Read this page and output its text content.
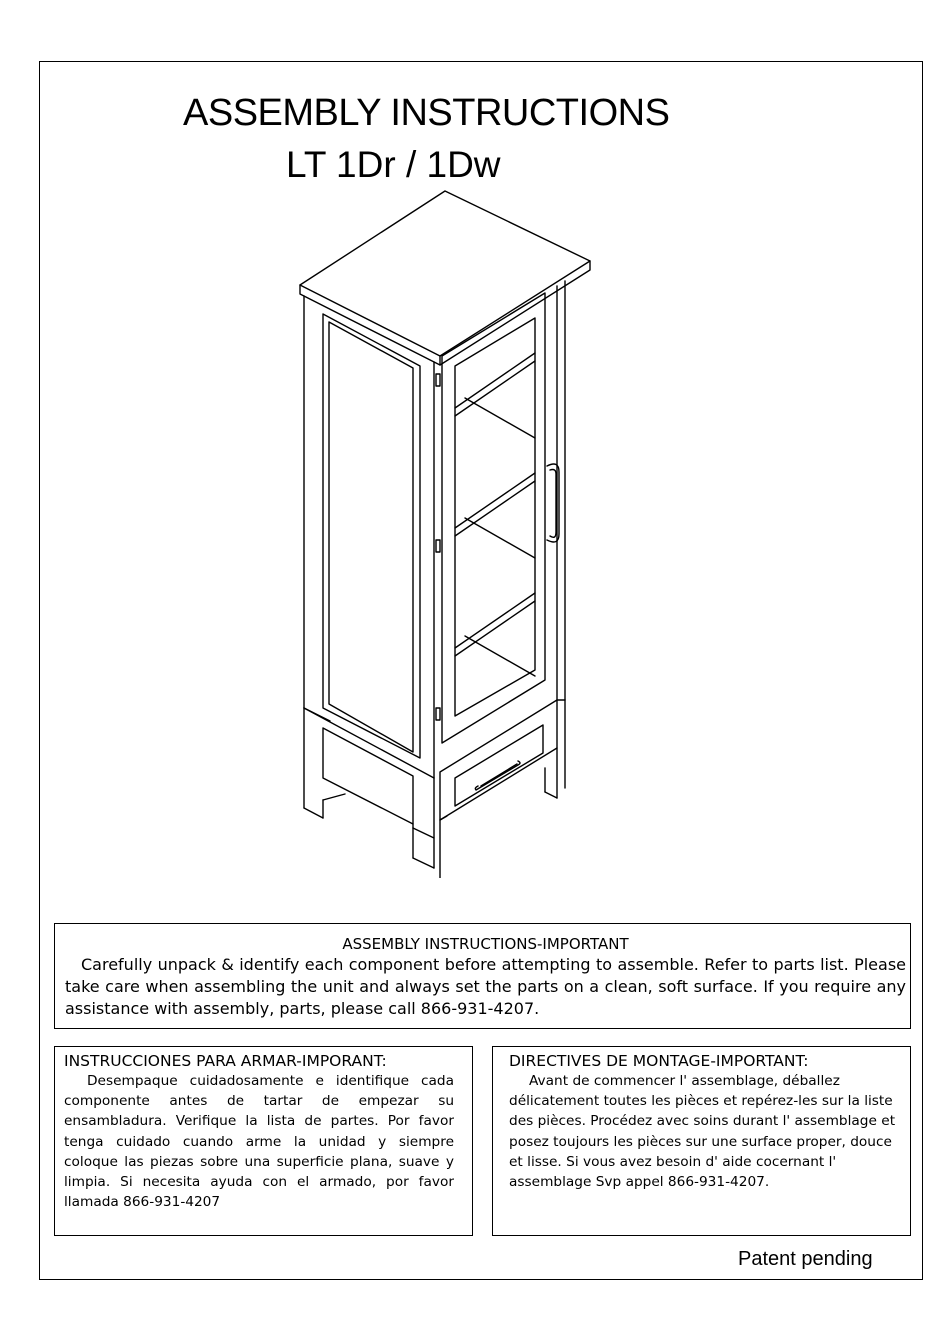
ASSEMBLY INSTRUCTIONS
LT 1Dr / 1Dw
ASSEMBLY INSTRUCTIONS-IMPORTANT
Carefully unpack & identify each component before attempting to assemble. Refer to parts list. Please take care when assembling the unit and always set the parts on a clean, soft surface. If you require any assistance with assembly, parts, please call 866-931-4207.
INSTRUCCIONES PARA ARMAR-IMPORANT:
Desempaque cuidadosamente e identifique cada componente antes de tartar de empezar su ensambladura. Verifique la lista de partes. Por favor tenga cuidado cuando arme la unidad y siempre coloque las piezas sobre una superficie plana, suave y limpia. Si necesita ayuda con el armado, por favor llamada 866-931-4207
DIRECTIVES DE MONTAGE-IMPORTANT:
Avant de commencer l' assemblage, déballez délicatement toutes les pièces et repérez-les sur la liste des pièces. Procédez avec soins durant l' assemblage et posez toujours les pièces sur une surface proper, douce et lisse. Si vous avez besoin d' aide cocernant l' assemblage Svp appel 866-931-4207.
Patent pending
